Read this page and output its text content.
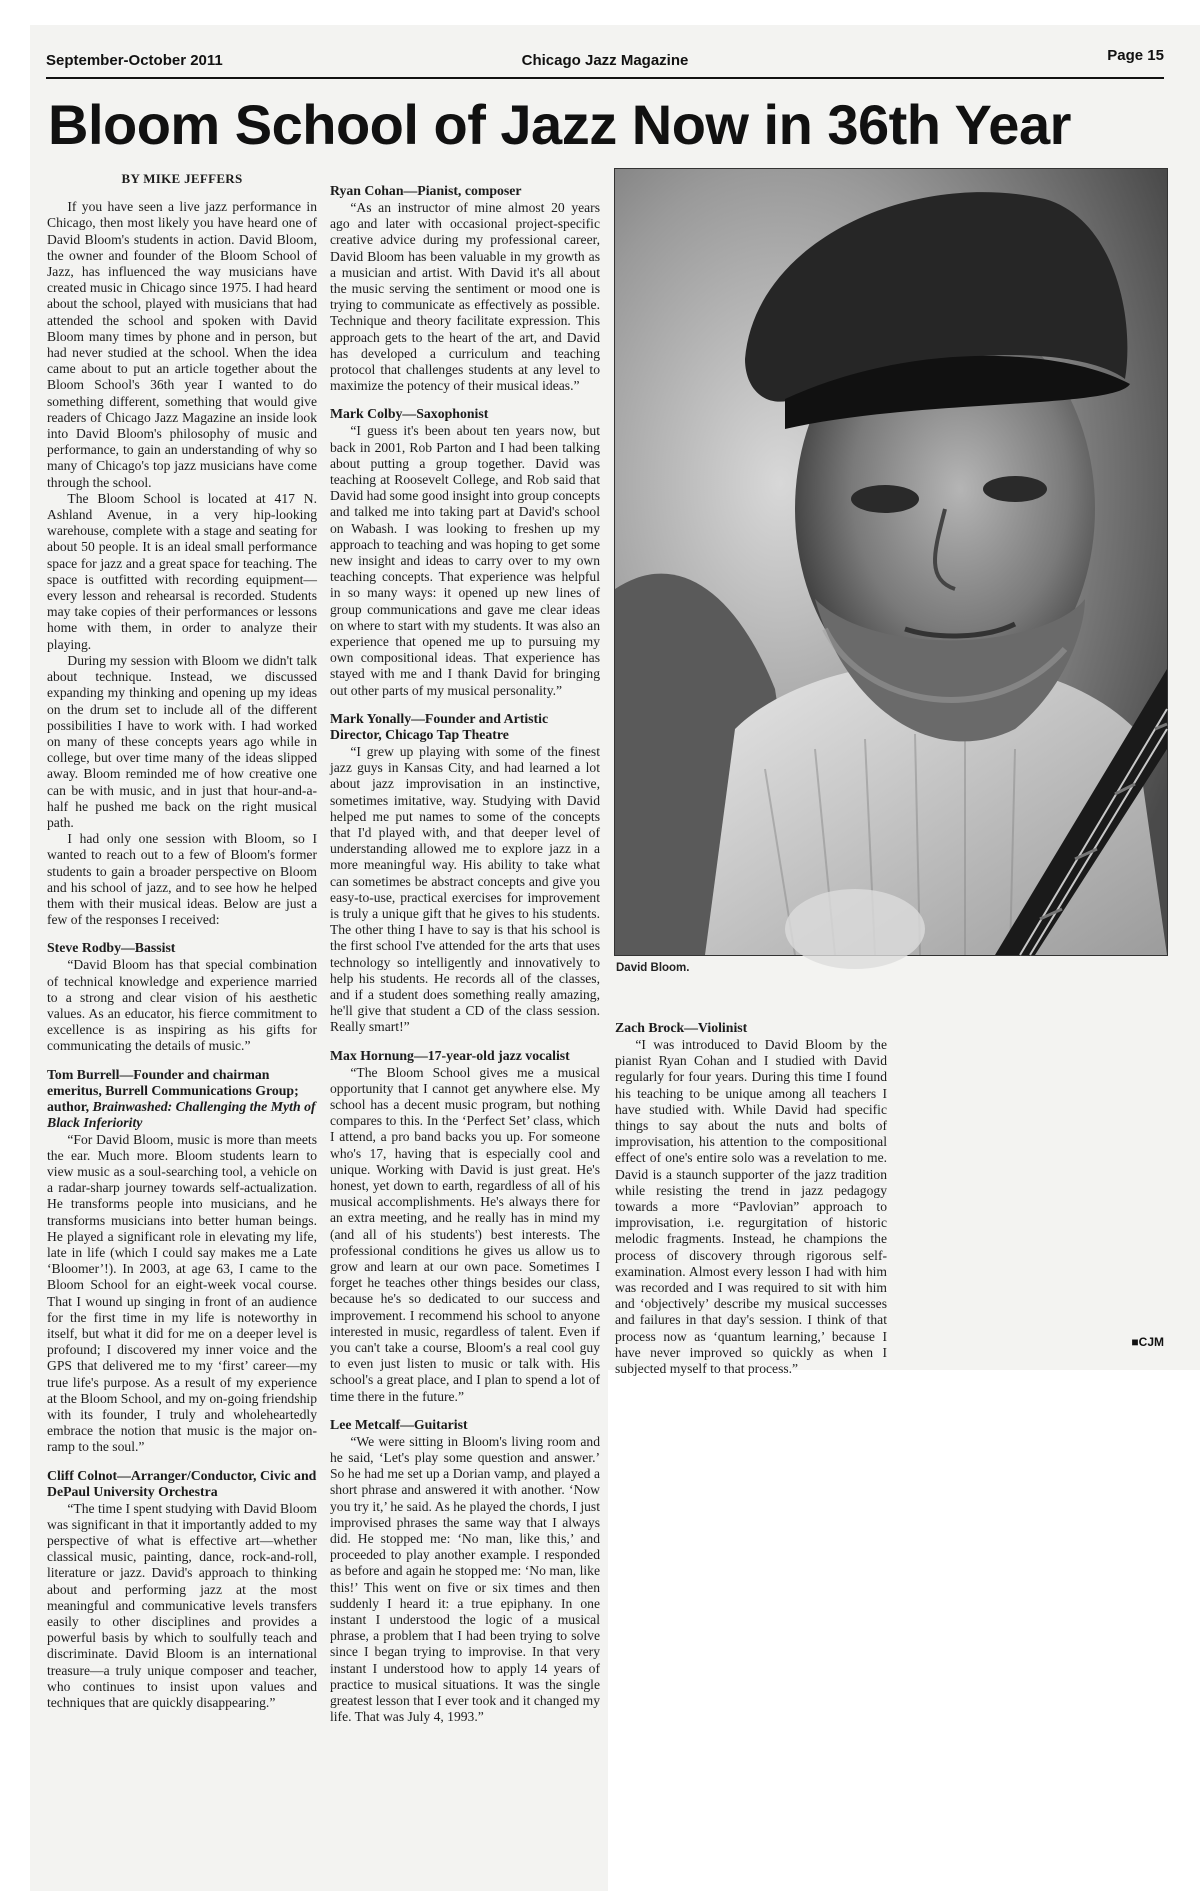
September-October 2011	Chicago Jazz Magazine	Page 15
Bloom School of Jazz Now in 36th Year
BY MIKE JEFFERS

If you have seen a live jazz performance in Chicago, then most likely you have heard one of David Bloom's students in action. David Bloom, the owner and founder of the Bloom School of Jazz, has influenced the way musicians have created music in Chicago since 1975. I had heard about the school, played with musicians that had attended the school and spoken with David Bloom many times by phone and in person, but had never studied at the school. When the idea came about to put an article together about the Bloom School's 36th year I wanted to do something different, something that would give readers of Chicago Jazz Magazine an inside look into David Bloom's philosophy of music and performance, to gain an understanding of why so many of Chicago's top jazz musicians have come through the school.

The Bloom School is located at 417 N. Ashland Avenue, in a very hip-looking warehouse, complete with a stage and seating for about 50 people. It is an ideal small performance space for jazz and a great space for teaching. The space is outfitted with recording equipment—every lesson and rehearsal is recorded. Students may take copies of their performances or lessons home with them, in order to analyze their playing.

During my session with Bloom we didn't talk about technique. Instead, we discussed expanding my thinking and opening up my ideas on the drum set to include all of the different possibilities I have to work with. I had worked on many of these concepts years ago while in college, but over time many of the ideas slipped away. Bloom reminded me of how creative one can be with music, and in just that hour-and-a-half he pushed me back on the right musical path.

I had only one session with Bloom, so I wanted to reach out to a few of Bloom's former students to gain a broader perspective on Bloom and his school of jazz, and to see how he helped them with their musical ideas. Below are just a few of the responses I received:

Steve Rodby—Bassist

“David Bloom has that special combination of technical knowledge and experience married to a strong and clear vision of his aesthetic values. As an educator, his fierce commitment to excellence is as inspiring as his gifts for communicating the details of music.”

Tom Burrell—Founder and chairman emeritus, Burrell Communications Group; author, Brainwashed: Challenging the Myth of Black Inferiority

“For David Bloom, music is more than meets the ear. Much more. Bloom students learn to view music as a soul-searching tool, a vehicle on a radar-sharp journey towards self-actualization. He transforms people into musicians, and he transforms musicians into better human beings. He played a significant role in elevating my life, late in life (which I could say makes me a Late ‘Bloomer’!). In 2003, at age 63, I came to the Bloom School for an eight-week vocal course. That I wound up singing in front of an audience for the first time in my life is noteworthy in itself, but what it did for me on a deeper level is profound; I discovered my inner voice and the GPS that delivered me to my ‘first’ career—my true life's purpose. As a result of my experience at the Bloom School, and my on-going friendship with its founder, I truly and wholeheartedly embrace the notion that music is the major on-ramp to the soul.”

Cliff Colnot—Arranger/Conductor, Civic and DePaul University Orchestra

“The time I spent studying with David Bloom was significant in that it importantly added to my perspective of what is effective art—whether classical music, painting, dance, rock-and-roll, literature or jazz. David's approach to thinking about and performing jazz at the most meaningful and communicative levels transfers easily to other disciplines and provides a powerful basis by which to soulfully teach and discriminate. David Bloom is an international treasure—a truly unique composer and teacher, who continues to insist upon values and techniques that are quickly disappearing.”

Ryan Cohan—Pianist, composer

“As an instructor of mine almost 20 years ago and later with occasional project-specific creative advice during my professional career, David Bloom has been valuable in my growth as a musician and artist. With David it's all about the music serving the sentiment or mood one is trying to communicate as effectively as possible. Technique and theory facilitate expression. This approach gets to the heart of the art, and David has developed a curriculum and teaching protocol that challenges students at any level to maximize the potency of their musical ideas.”

Mark Colby—Saxophonist

“I guess it's been about ten years now, but back in 2001, Rob Parton and I had been talking about putting a group together. David was teaching at Roosevelt College, and Rob said that David had some good insight into group concepts and talked me into taking part at David's school on Wabash. I was looking to freshen up my approach to teaching and was hoping to get some new insight and ideas to carry over to my own teaching concepts. That experience was helpful in so many ways: it opened up new lines of group communications and gave me clear ideas on where to start with my students. It was also an experience that opened me up to pursuing my own compositional ideas. That experience has stayed with me and I thank David for bringing out other parts of my musical personality.”

Mark Yonally—Founder and Artistic Director, Chicago Tap Theatre

“I grew up playing with some of the finest jazz guys in Kansas City, and had learned a lot about jazz improvisation in an instinctive, sometimes imitative, way. Studying with David helped me put names to some of the concepts that I'd played with, and that deeper level of understanding allowed me to explore jazz in a more meaningful way. His ability to take what can sometimes be abstract concepts and give you easy-to-use, practical exercises for improvement is truly a unique gift that he gives to his students. The other thing I have to say is that his school is the first school I've attended for the arts that uses technology so intelligently and innovatively to help his students. He records all of the classes, and if a student does something really amazing, he'll give that student a CD of the class session. Really smart!”

Max Hornung—17-year-old jazz vocalist

“The Bloom School gives me a musical opportunity that I cannot get anywhere else. My school has a decent music program, but nothing compares to this. In the ‘Perfect Set’ class, which I attend, a pro band backs you up. For someone who's 17, having that is especially cool and unique. Working with David is just great. He's honest, yet down to earth, regardless of all of his musical accomplishments. He's always there for an extra meeting, and he really has in mind my (and all of his students') best interests. The professional conditions he gives us allow us to grow and learn at our own pace. Sometimes I forget he teaches other things besides our class, because he's so dedicated to our success and improvement. I recommend his school to anyone interested in music, regardless of talent. Even if you can't take a course, Bloom's a real cool guy to even just listen to music or talk with. His school's a great place, and I plan to spend a lot of time there in the future.”

Lee Metcalf—Guitarist

“We were sitting in Bloom's living room and he said, ‘Let's play some question and answer.’ So he had me set up a Dorian vamp, and played a short phrase and answered it with another. ‘Now you try it,’ he said. As he played the chords, I just improvised phrases the same way that I always did. He stopped me: ‘No man, like this,’ and proceeded to play another example. I responded as before and again he stopped me: ‘No man, like this!’ This went on five or six times and then suddenly I heard it: a true epiphany. In one instant I understood the logic of a musical phrase, a problem that I had been trying to solve since I began trying to improvise. In that very instant I understood how to apply 14 years of practice to musical situations. It was the single greatest lesson that I ever took and it changed my life. That was July 4, 1993.”

David Bloom.
Zach Brock—Violinist

“I was introduced to David Bloom by the pianist Ryan Cohan and I studied with David regularly for four years. During this time I found his teaching to be unique among all teachers I have studied with. While David had specific things to say about the nuts and bolts of improvisation, his attention to the compositional effect of one's entire solo was a revelation to me. David is a staunch supporter of the jazz tradition while resisting the trend in jazz pedagogy towards a more “Pavlovian” approach to improvisation, i.e. regurgitation of historic melodic fragments. Instead, he champions the process of discovery through rigorous self-examination. Almost every lesson I had with him was recorded and I was required to sit with him and ‘objectively’ describe my musical successes and failures in that day's session. I think of that process now as ‘quantum learning,’ because I have never improved so quickly as when I subjected myself to that process.”

■CJM
